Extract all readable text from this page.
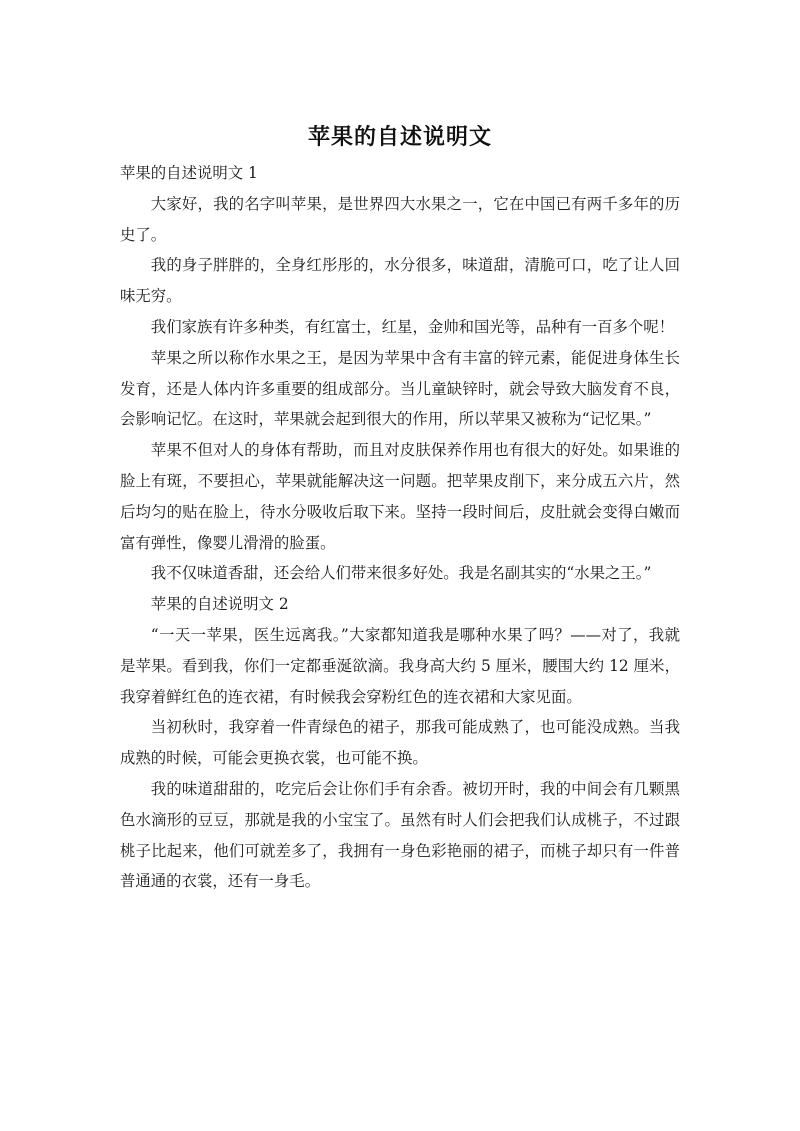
苹果的自述说明文

苹果的自述说明文 1

大家好，我的名字叫苹果，是世界四大水果之一，它在中国已有两千多年的历史了。

我的身子胖胖的，全身红彤彤的，水分很多，味道甜，清脆可口，吃了让人回味无穷。

我们家族有许多种类，有红富士，红星，金帅和国光等，品种有一百多个呢！

苹果之所以称作水果之王，是因为苹果中含有丰富的锌元素，能促进身体生长发育，还是人体内许多重要的组成部分。当儿童缺锌时，就会导致大脑发育不良，会影响记忆。在这时，苹果就会起到很大的作用，所以苹果又被称为“记忆果。”

苹果不但对人的身体有帮助，而且对皮肤保养作用也有很大的好处。如果谁的脸上有斑，不要担心，苹果就能解决这一问题。把苹果皮削下，来分成五六片，然后均匀的贴在脸上，待水分吸收后取下来。坚持一段时间后，皮肚就会变得白嫩而富有弹性，像婴儿滑滑的脸蛋。

我不仅味道香甜，还会给人们带来很多好处。我是名副其实的“水果之王。”

苹果的自述说明文 2

“一天一苹果，医生远离我。”大家都知道我是哪种水果了吗？——对了，我就是苹果。看到我，你们一定都垂涎欲滴。我身高大约 5 厘米，腰围大约 12 厘米，我穿着鲜红色的连衣裙，有时候我会穿粉红色的连衣裙和大家见面。

当初秋时，我穿着一件青绿色的裙子，那我可能成熟了，也可能没成熟。当我成熟的时候，可能会更换衣裳，也可能不换。

我的味道甜甜的，吃完后会让你们手有余香。被切开时，我的中间会有几颗黑色水滴形的豆豆，那就是我的小宝宝了。虽然有时人们会把我们认成桃子，不过跟桃子比起来，他们可就差多了，我拥有一身色彩艳丽的裙子，而桃子却只有一件普普通通的衣裳，还有一身毛。
